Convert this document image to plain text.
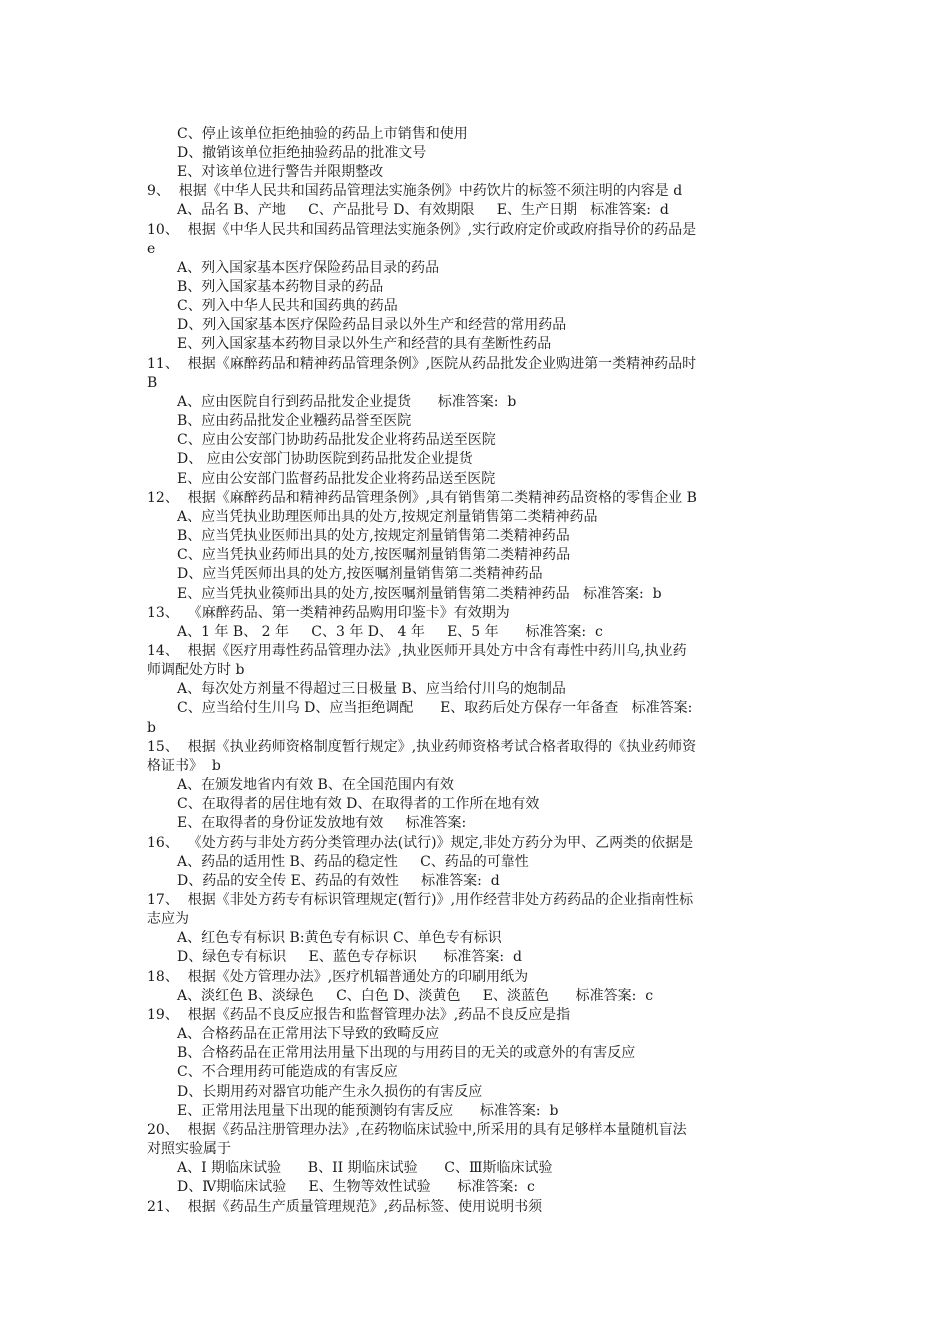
C、停止该单位拒绝抽验的药品上市销售和使用
D、撤销该单位拒绝抽验药品的批准文号
E、对该单位进行警告并限期整改
9、  根据《中华人民共和国药品管理法实施条例》中药饮片的标签不须注明的内容是 d
A、品名 B、产地     C、产品批号 D、有效期限     E、生产日期   标准答案:  d
10、  根据《中华人民共和国药品管理法实施条例》,实行政府定价或政府指导价的药品是
e
A、列入国家基本医疗保险药品目录的药品
B、列入国家基本药物目录的药品
C、列入中华人民共和国药典的药品
D、列入国家基本医疗保险药品目录以外生产和经营的常用药品
E、列入国家基本药物目录以外生产和经营的具有垄断性药品
11、  根据《麻醉药品和精神药品管理条例》,医院从药品批发企业购进第一类精神药品时
B
A、应由医院自行到药品批发企业提货      标准答案:  b
B、应由药品批发企业糨药品誉至医院
C、应由公安部门协助药品批发企业将药品送至医院
D、 应由公安部门协助医院到药品批发企业提货
E、应由公安部门监督药品批发企业将药品送至医院
12、  根据《麻醉药品和精神药品管理条例》,具有销售第二类精神药品资格的零售企业 B
A、应当凭执业助理医师出具的处方,按规定剂量销售第二类精神药品
B、应当凭执业医师出具的处方,按规定剂量销售第二类精神药品
C、应当凭执业药师出具的处方,按医嘱剂量销售第二类精神药品
D、应当凭医师出具的处方,按医嘱剂量销售第二类精神药品
E、应当凭执业篌师出具的处方,按医嘱剂量销售第二类精神药品   标准答案:  b
13、  《麻醉药品、第一类精神药品购用印鉴卡》有效期为
A、1 年 B、 2 年     C、3 年 D、 4 年     E、5 年      标准答案:  c
14、  根据《医疗用毒性药品管理办法》,执业医师开具处方中含有毒性中药川乌,执业药
师调配处方时 b
A、每次处方剂量不得超过三日极量 B、应当给付川乌的炮制品
C、应当给付生川乌 D、应当拒绝调配      E、取药后处方保存一年备查   标准答案:
b
15、  根据《执业药师资格制度暂行规定》,执业药师资格考试合格者取得的《执业药师资
格证书》  b
A、在颁发地省内有效 B、在全国范围内有效
C、在取得者的居住地有效 D、在取得者的工作所在地有效
E、在取得者的身份证发放地有效     标准答案:
16、  《处方药与非处方药分类管理办法(试行)》规定,非处方药分为甲、乙两类的依据是
A、药品的适用性 B、药品的稳定性     C、药品的可靠性
D、药品的安全传 E、药品的有效性     标准答案:  d
17、  根据《非处方药专有标识管理规定(暂行)》,用作经营非处方药药品的企业指南性标
志应为
A、红色专有标识 B:黄色专有标识 C、单色专有标识
D、绿色专有标识     E、蓝色专存标识      标准答案:  d
18、  根据《处方管理办法》,医疗机辐普通处方的印刷用纸为
A、淡红色 B、淡绿色     C、白色 D、淡黄色     E、淡蓝色      标准答案:  c
19、  根据《药品不良反应报告和监督管理办法》,药品不良反应是指
A、合格药品在正常用法下导致的致畸反应
B、合格药品在正常用法用量下出现的与用药目的无关的或意外的有害反应
C、不合理用药可能造成的有害反应
D、长期用药对器官功能产生永久损伤的有害反应
E、正常用法甩量下出现的能预测钧有害反应      标准答案:  b
20、  根据《药品注册管理办法》,在药物临床试验中,所采用的具有足够样本量随机盲法
对照实验属于
A、I 期临床试验      B、II 期临床试验      C、Ⅲ斯临床试验
D、Ⅳ期临床试验     E、生物等效性试验      标准答案:  c
21、  根据《药品生产质量管理规范》,药品标签、使用说明书须
